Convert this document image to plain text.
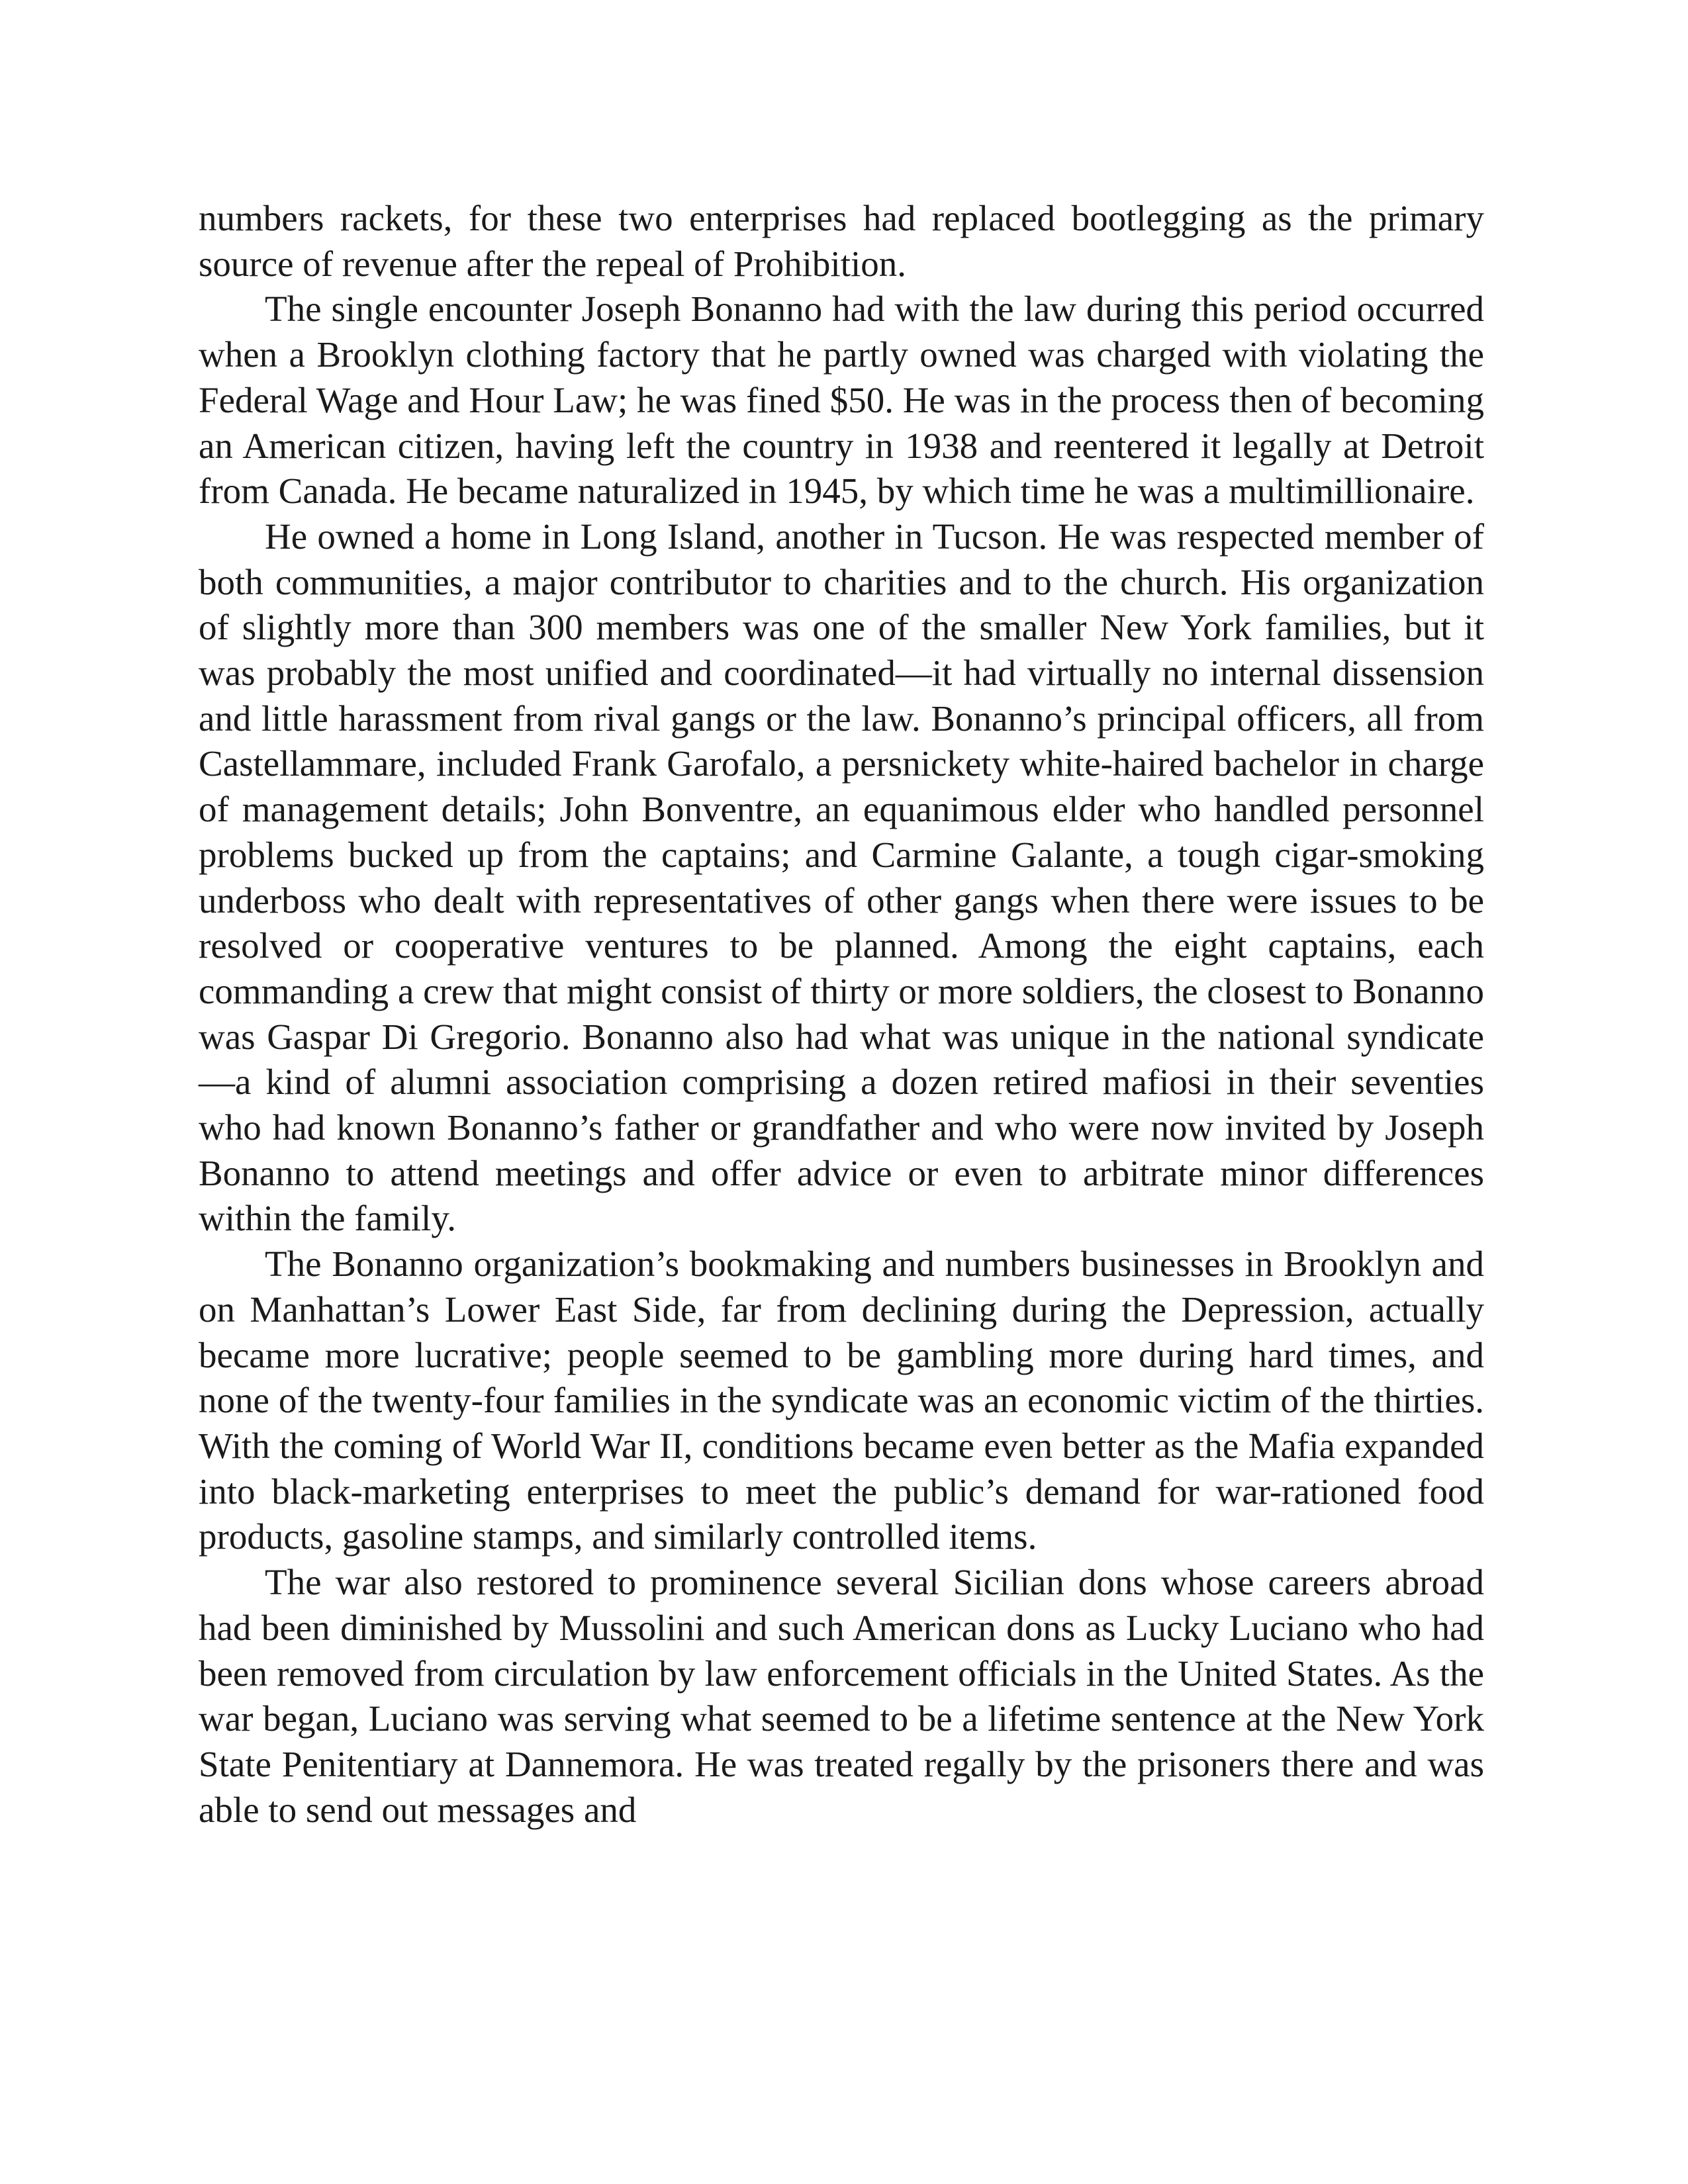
numbers rackets, for these two enterprises had replaced bootlegging as the primary source of revenue after the repeal of Prohibition.

The single encounter Joseph Bonanno had with the law during this period occurred when a Brooklyn clothing factory that he partly owned was charged with violating the Federal Wage and Hour Law; he was fined $50. He was in the process then of becoming an American citizen, having left the country in 1938 and reentered it legally at Detroit from Canada. He became naturalized in 1945, by which time he was a multimillionaire.

He owned a home in Long Island, another in Tucson. He was respected member of both communities, a major contributor to charities and to the church. His organization of slightly more than 300 members was one of the smaller New York families, but it was probably the most unified and coordinated—it had virtually no internal dissension and little harassment from rival gangs or the law. Bonanno’s principal officers, all from Castellammare, included Frank Garofalo, a persnickety white-haired bachelor in charge of management details; John Bonventre, an equanimous elder who handled personnel problems bucked up from the captains; and Carmine Galante, a tough cigar-smoking underboss who dealt with representatives of other gangs when there were issues to be resolved or cooperative ventures to be planned. Among the eight captains, each commanding a crew that might consist of thirty or more soldiers, the closest to Bonanno was Gaspar Di Gregorio. Bonanno also had what was unique in the national syndicate—a kind of alumni association comprising a dozen retired mafiosi in their seventies who had known Bonanno’s father or grandfather and who were now invited by Joseph Bonanno to attend meetings and offer advice or even to arbitrate minor differences within the family.

The Bonanno organization’s bookmaking and numbers businesses in Brooklyn and on Manhattan’s Lower East Side, far from declining during the Depression, actually became more lucrative; people seemed to be gambling more during hard times, and none of the twenty-four families in the syndicate was an economic victim of the thirties. With the coming of World War II, conditions became even better as the Mafia expanded into black-marketing enterprises to meet the public’s demand for war-rationed food products, gasoline stamps, and similarly controlled items.

The war also restored to prominence several Sicilian dons whose careers abroad had been diminished by Mussolini and such American dons as Lucky Luciano who had been removed from circulation by law enforcement officials in the United States. As the war began, Luciano was serving what seemed to be a lifetime sentence at the New York State Penitentiary at Dannemora. He was treated regally by the prisoners there and was able to send out messages and
